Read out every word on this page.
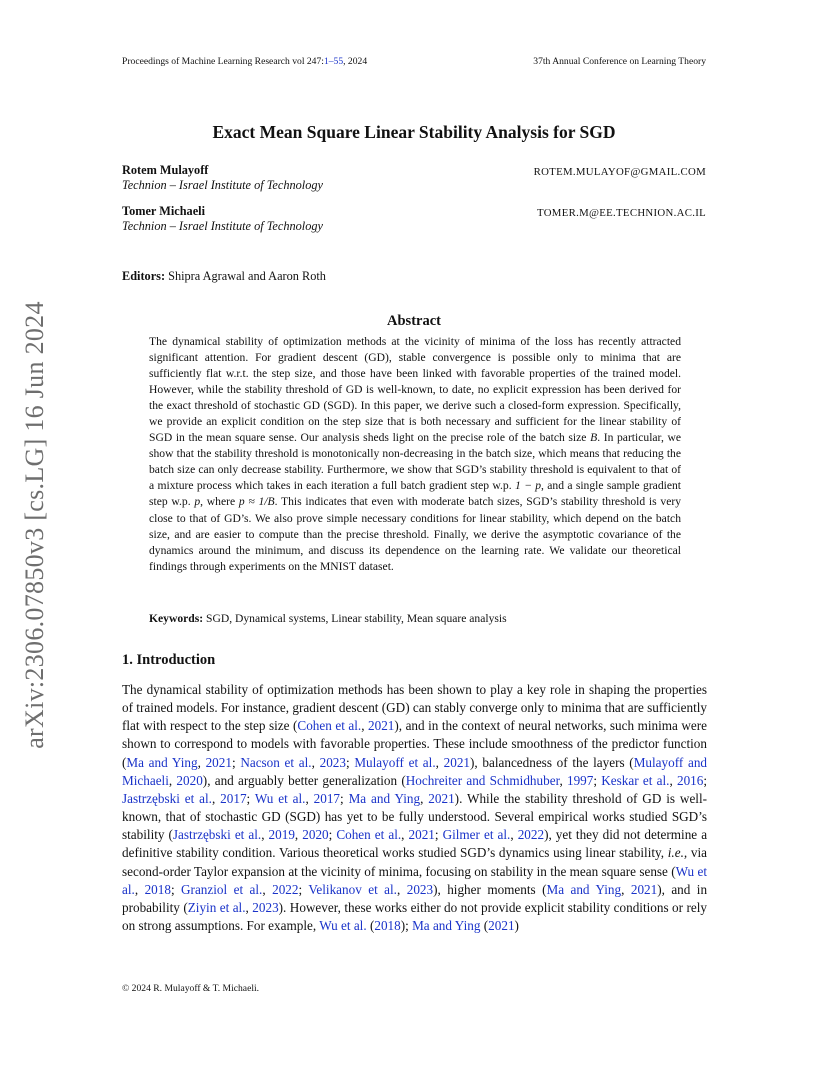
Proceedings of Machine Learning Research vol 247:1–55, 2024	37th Annual Conference on Learning Theory
arXiv:2306.07850v3 [cs.LG] 16 Jun 2024
Exact Mean Square Linear Stability Analysis for SGD
Rotem Mulayoff
Technion – Israel Institute of Technology
ROTEM.MULAYOF@GMAIL.COM
Tomer Michaeli
Technion – Israel Institute of Technology
TOMER.M@EE.TECHNION.AC.IL
Editors: Shipra Agrawal and Aaron Roth
Abstract

The dynamical stability of optimization methods at the vicinity of minima of the loss has recently attracted significant attention. For gradient descent (GD), stable convergence is possible only to minima that are sufficiently flat w.r.t. the step size, and those have been linked with favorable properties of the trained model. However, while the stability threshold of GD is well-known, to date, no explicit expression has been derived for the exact threshold of stochastic GD (SGD). In this paper, we derive such a closed-form expression. Specifically, we provide an explicit condition on the step size that is both necessary and sufficient for the linear stability of SGD in the mean square sense. Our analysis sheds light on the precise role of the batch size B. In particular, we show that the stability threshold is monotonically non-decreasing in the batch size, which means that reducing the batch size can only decrease stability. Furthermore, we show that SGD’s stability threshold is equivalent to that of a mixture process which takes in each iteration a full batch gradient step w.p. 1 − p, and a single sample gradient step w.p. p, where p ≈ 1/B. This indicates that even with moderate batch sizes, SGD’s stability threshold is very close to that of GD’s. We also prove simple necessary conditions for linear stability, which depend on the batch size, and are easier to compute than the precise threshold. Finally, we derive the asymptotic covariance of the dynamics around the minimum, and discuss its dependence on the learning rate. We validate our theoretical findings through experiments on the MNIST dataset.

Keywords: SGD, Dynamical systems, Linear stability, Mean square analysis
1. Introduction

The dynamical stability of optimization methods has been shown to play a key role in shaping the properties of trained models. For instance, gradient descent (GD) can stably converge only to minima that are sufficiently flat with respect to the step size (Cohen et al., 2021), and in the context of neural networks, such minima were shown to correspond to models with favorable properties. These include smoothness of the predictor function (Ma and Ying, 2021; Nacson et al., 2023; Mulayoff et al., 2021), balancedness of the layers (Mulayoff and Michaeli, 2020), and arguably better generalization (Hochreiter and Schmidhuber, 1997; Keskar et al., 2016; Jastrzębski et al., 2017; Wu et al., 2017; Ma and Ying, 2021). While the stability threshold of GD is well-known, that of stochastic GD (SGD) has yet to be fully understood. Several empirical works studied SGD’s stability (Jastrzębski et al., 2019, 2020; Cohen et al., 2021; Gilmer et al., 2022), yet they did not determine a definitive stability condition. Various theoretical works studied SGD’s dynamics using linear stability, i.e., via second-order Taylor expansion at the vicinity of minima, focusing on stability in the mean square sense (Wu et al., 2018; Granziol et al., 2022; Velikanov et al., 2023), higher moments (Ma and Ying, 2021), and in probability (Ziyin et al., 2023). However, these works either do not provide explicit stability conditions or rely on strong assumptions. For example, Wu et al. (2018); Ma and Ying (2021)

© 2024 R. Mulayoff & T. Michaeli.
